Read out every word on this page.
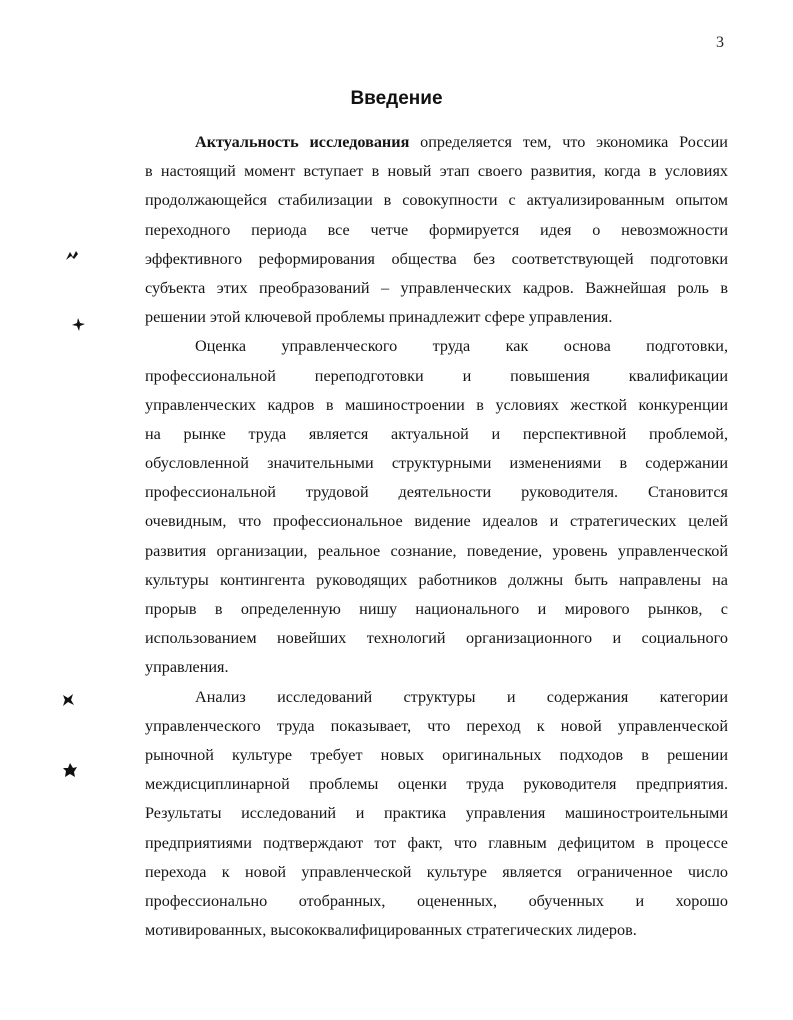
3
Введение
Актуальность исследования определяется тем, что экономика России
в настоящий момент вступает в новый этап своего развития, когда в условиях
продолжающейся стабилизации в совокупности с актуализированным опытом
переходного периода все четче формируется идея о невозможности
эффективного реформирования общества без соответствующей подготовки
субъекта этих преобразований – управленческих кадров. Важнейшая роль в
решении этой ключевой проблемы принадлежит сфере управления.
Оценка управленческого труда как основа подготовки,
профессиональной переподготовки и повышения квалификации
управленческих кадров в машиностроении в условиях жесткой конкуренции
на рынке труда является актуальной и перспективной проблемой,
обусловленной значительными структурными изменениями в содержании
профессиональной трудовой деятельности руководителя. Становится
очевидным, что профессиональное видение идеалов и стратегических целей
развития организации, реальное сознание, поведение, уровень управленческой
культуры контингента руководящих работников должны быть направлены на
прорыв в определенную нишу национального и мирового рынков, с
использованием новейших технологий организационного и социального
управления.
Анализ исследований структуры и содержания категории
управленческого труда показывает, что переход к новой управленческой
рыночной культуре требует новых оригинальных подходов в решении
междисциплинарной проблемы оценки труда руководителя предприятия.
Результаты исследований и практика управления машиностроительными
предприятиями подтверждают тот факт, что главным дефицитом в процессе
перехода к новой управленческой культуре является ограниченное число
профессионально отобранных, оцененных, обученных и хорошо
мотивированных, высококвалифицированных стратегических лидеров.
